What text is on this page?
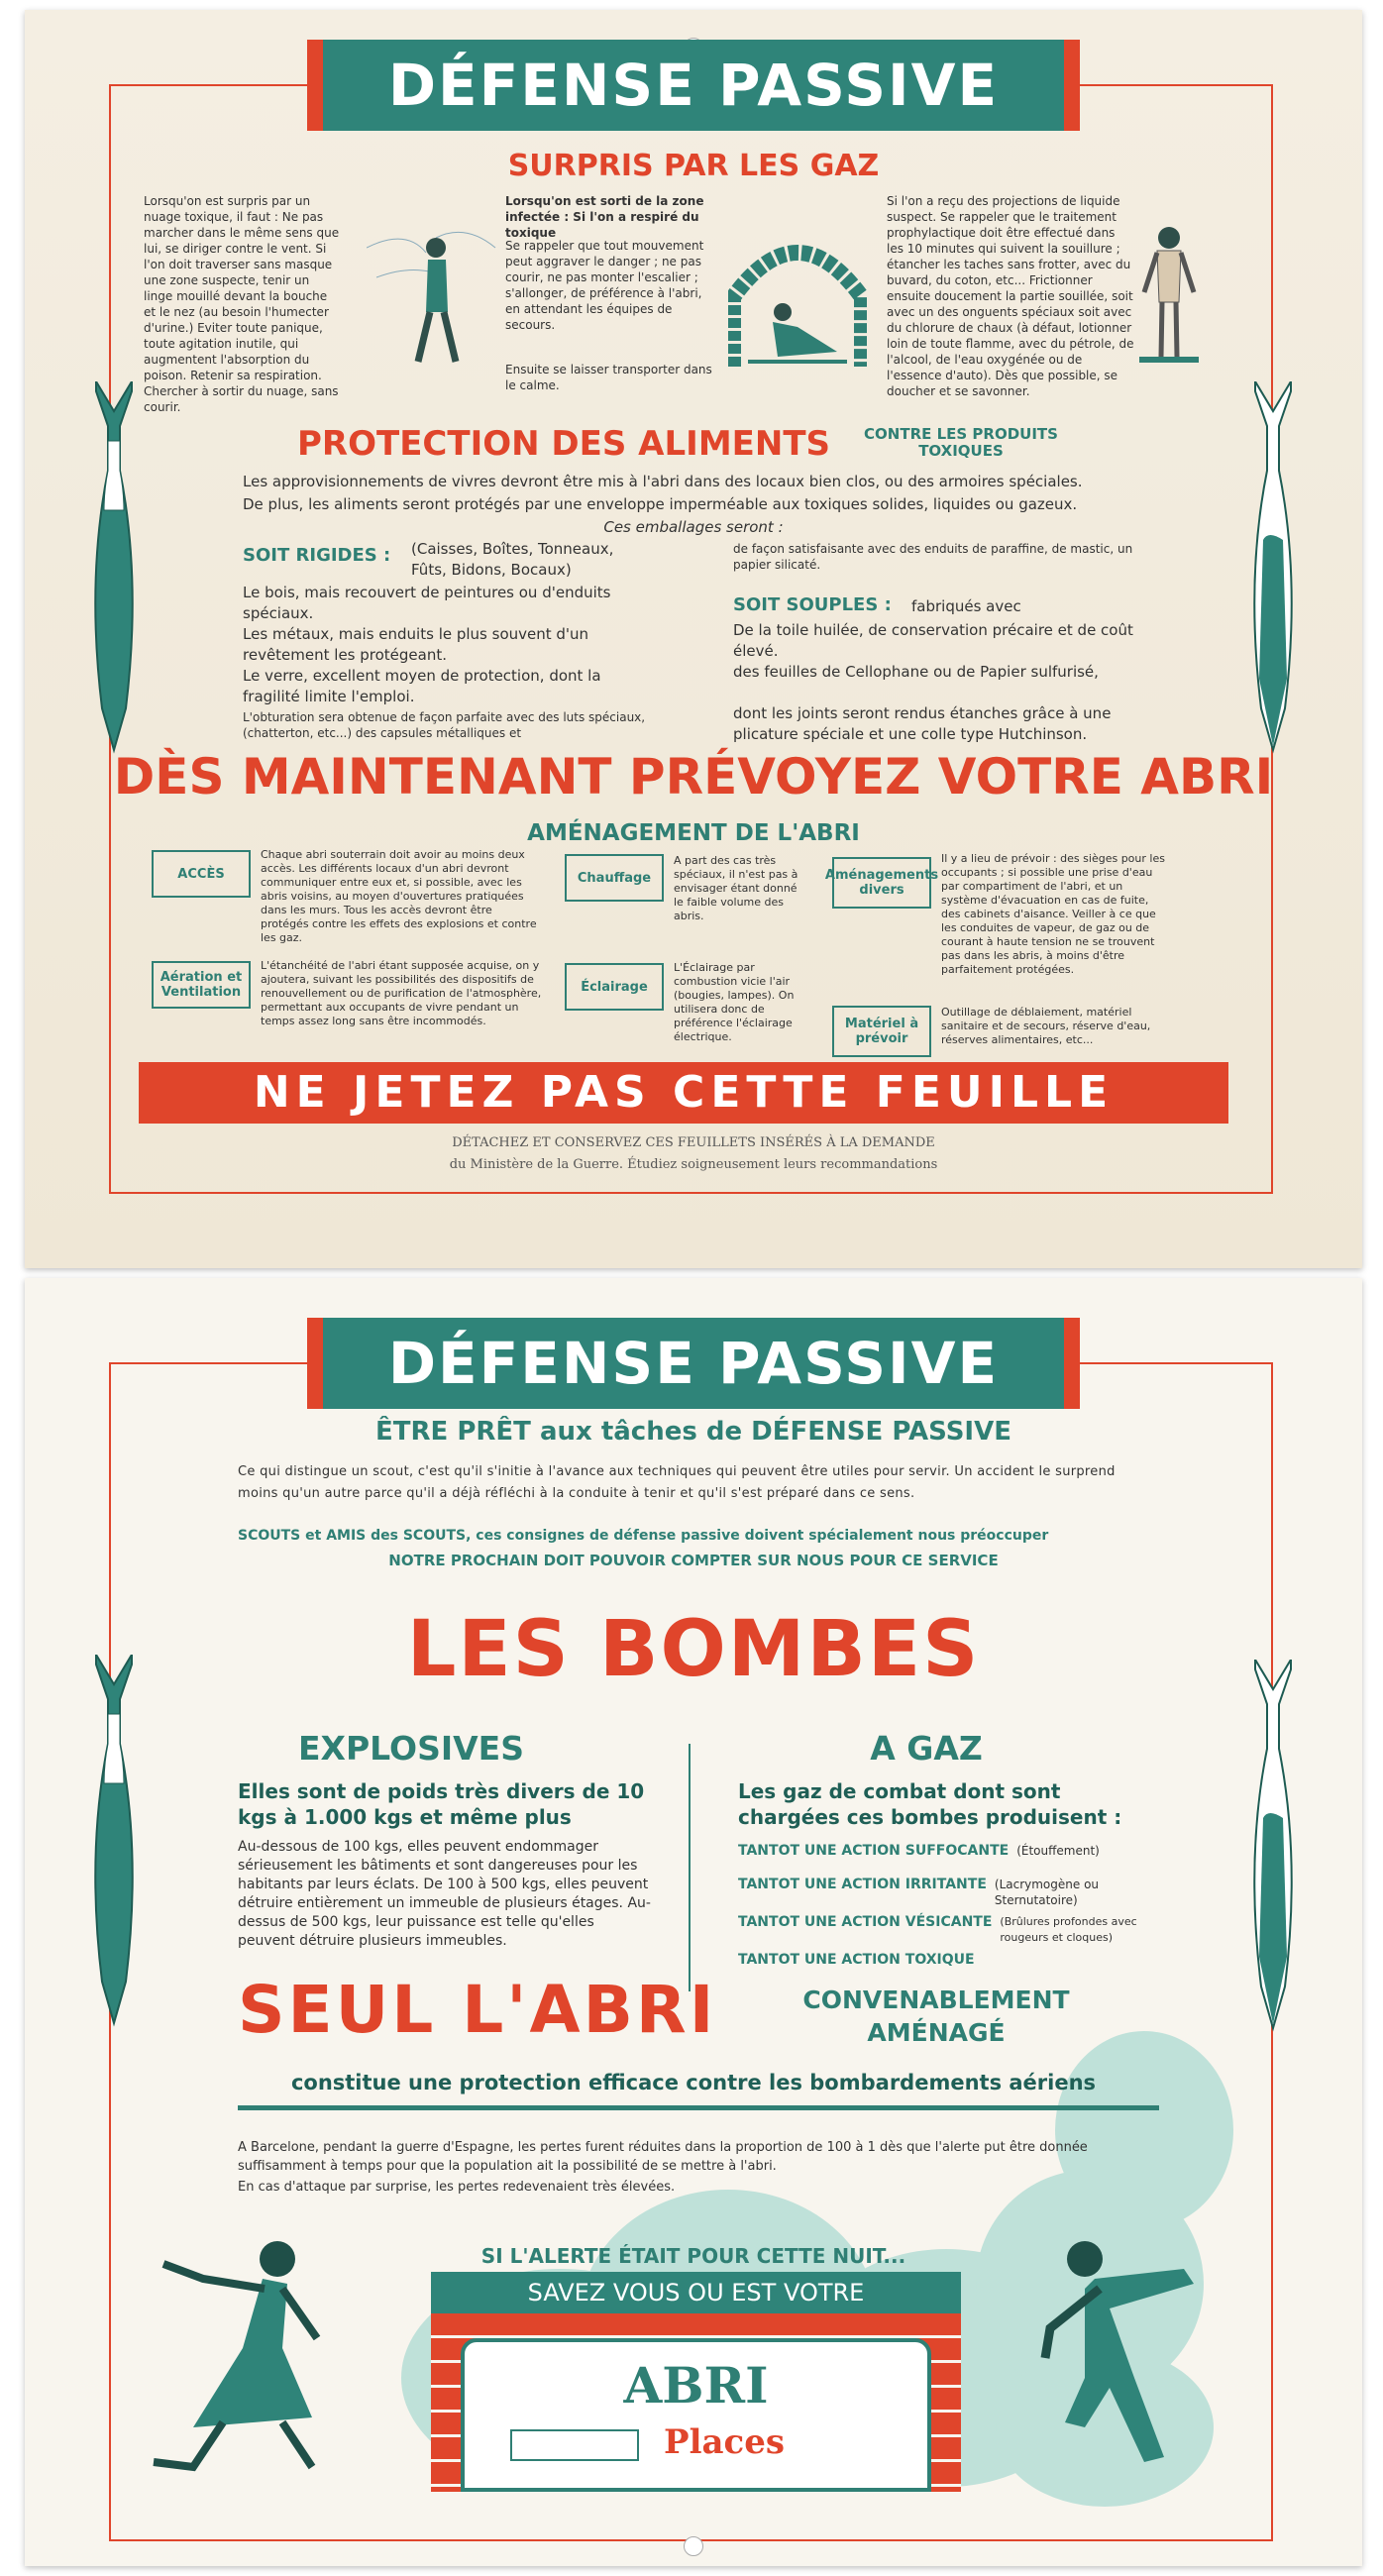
DÉFENSE PASSIVE
SURPRIS PAR LES GAZ
Lorsqu'on est surpris par un nuage toxique, il faut : Ne pas marcher dans le même sens que lui, se diriger contre le vent. Si l'on doit traverser sans masque une zone suspecte, tenir un linge mouillé devant la bouche et le nez (au besoin l'humecter d'urine.) Eviter toute panique, toute agitation inutile, qui augmentent l'absorption du poison. Retenir sa respiration. Chercher à sortir du nuage, sans courir.
Lorsqu'on est sorti de la zone infectée : Si l'on a respiré du toxique
Se rappeler que tout mouvement peut aggraver le danger ; ne pas courir, ne pas monter l'escalier ; s'allonger, de préférence à l'abri, en attendant les équipes de secours.
Ensuite se laisser transporter dans le calme.
Si l'on a reçu des projections de liquide suspect. Se rappeler que le traitement prophylactique doit être effectué dans les 10 minutes qui suivent la souillure ; étancher les taches sans frotter, avec du buvard, du coton, etc... Frictionner ensuite doucement la partie souillée, soit avec un des onguents spéciaux soit avec du chlorure de chaux (à défaut, lotionner loin de toute flamme, avec du pétrole, de l'alcool, de l'eau oxygénée ou de l'essence d'auto). Dès que possible, se doucher et se savonner.
PROTECTION DES ALIMENTS	CONTRE LES PRODUITS TOXIQUES
Les approvisionnements de vivres devront être mis à l'abri dans des locaux bien clos, ou des armoires spéciales.
De plus, les aliments seront protégés par une enveloppe imperméable aux toxiques solides, liquides ou gazeux.
Ces emballages seront :
SOIT RIGIDES : (Caisses, Boîtes, Tonneaux, Fûts, Bidons, Bocaux)
Le bois, mais recouvert de peintures ou d'enduits spéciaux.
Les métaux, mais enduits le plus souvent d'un revêtement les protégeant.
Le verre, excellent moyen de protection, dont la fragilité limite l'emploi.
L'obturation sera obtenue de façon parfaite avec des luts spéciaux, (chatterton, etc...) des capsules métalliques et
de façon satisfaisante avec des enduits de paraffine, de mastic, un papier silicaté.
SOIT SOUPLES : fabriqués avec
De la toile huilée, de conservation précaire et de coût élevé.
des feuilles de Cellophane ou de Papier sulfurisé,
dont les joints seront rendus étanches grâce à une plicature spéciale et une colle type Hutchinson.
DÈS MAINTENANT PRÉVOYEZ VOTRE ABRI
AMÉNAGEMENT DE L'ABRI
ACCÈS
Chaque abri souterrain doit avoir au moins deux accès. Les différents locaux d'un abri devront communiquer entre eux et, si possible, avec les abris voisins, au moyen d'ouvertures pratiquées dans les murs. Tous les accès devront être protégés contre les effets des explosions et contre les gaz.
Aération et Ventilation
L'étanchéité de l'abri étant supposée acquise, on y ajoutera, suivant les possibilités des dispositifs de renouvellement ou de purification de l'atmosphère, permettant aux occupants de vivre pendant un temps assez long sans être incommodés.
Chauffage
A part des cas très spéciaux, il n'est pas à envisager étant donné le faible volume des abris.
Éclairage
L'Éclairage par combustion vicie l'air (bougies, lampes). On utilisera donc de préférence l'éclairage électrique.
Aménagements divers
Il y a lieu de prévoir : des sièges pour les occupants ; si possible une prise d'eau par compartiment de l'abri, et un système d'évacuation en cas de fuite, des cabinets d'aisance. Veiller à ce que les conduites de vapeur, de gaz ou de courant à haute tension ne se trouvent pas dans les abris, à moins d'être parfaitement protégées.
Matériel à prévoir
Outillage de déblaiement, matériel sanitaire et de secours, réserve d'eau, réserves alimentaires, etc...
NE JETEZ PAS CETTE FEUILLE
DÉTACHEZ ET CONSERVEZ CES FEUILLETS INSÉRÉS À LA DEMANDE
du Ministère de la Guerre. Étudiez soigneusement leurs recommandations
DÉFENSE PASSIVE
ÊTRE PRÊT aux tâches de DÉFENSE PASSIVE
Ce qui distingue un scout, c'est qu'il s'initie à l'avance aux techniques qui peuvent être utiles pour servir. Un accident le surprend moins qu'un autre parce qu'il a déjà réfléchi à la conduite à tenir et qu'il s'est préparé dans ce sens.
SCOUTS et AMIS des SCOUTS, ces consignes de défense passive doivent spécialement nous préoccuper
NOTRE PROCHAIN DOIT POUVOIR COMPTER SUR NOUS POUR CE SERVICE
LES BOMBES
EXPLOSIVES
Elles sont de poids très divers de 10 kgs à 1.000 kgs et même plus
Au-dessous de 100 kgs, elles peuvent endommager sérieusement les bâtiments et sont dangereuses pour les habitants par leurs éclats. De 100 à 500 kgs, elles peuvent détruire entièrement un immeuble de plusieurs étages. Au-dessus de 500 kgs, leur puissance est telle qu'elles peuvent détruire plusieurs immeubles.
A GAZ
Les gaz de combat dont sont chargées ces bombes produisent :
TANTOT UNE ACTION SUFFOCANTE (Étouffement)
TANTOT UNE ACTION IRRITANTE (Lacrymogène ou Sternutatoire)
TANTOT UNE ACTION VÉSICANTE (Brûlures profondes avec rougeurs et cloques)
TANTOT UNE ACTION TOXIQUE
SEUL L'ABRI	CONVENABLEMENT AMÉNAGÉ
constitue une protection efficace contre les bombardements aériens
A Barcelone, pendant la guerre d'Espagne, les pertes furent réduites dans la proportion de 100 à 1 dès que l'alerte put être donnée suffisamment à temps pour que la population ait la possibilité de se mettre à l'abri.
En cas d'attaque par surprise, les pertes redevenaient très élevées.
SI L'ALERTE ÉTAIT POUR CETTE NUIT...
SAVEZ VOUS OU EST VOTRE
ABRI
Places
